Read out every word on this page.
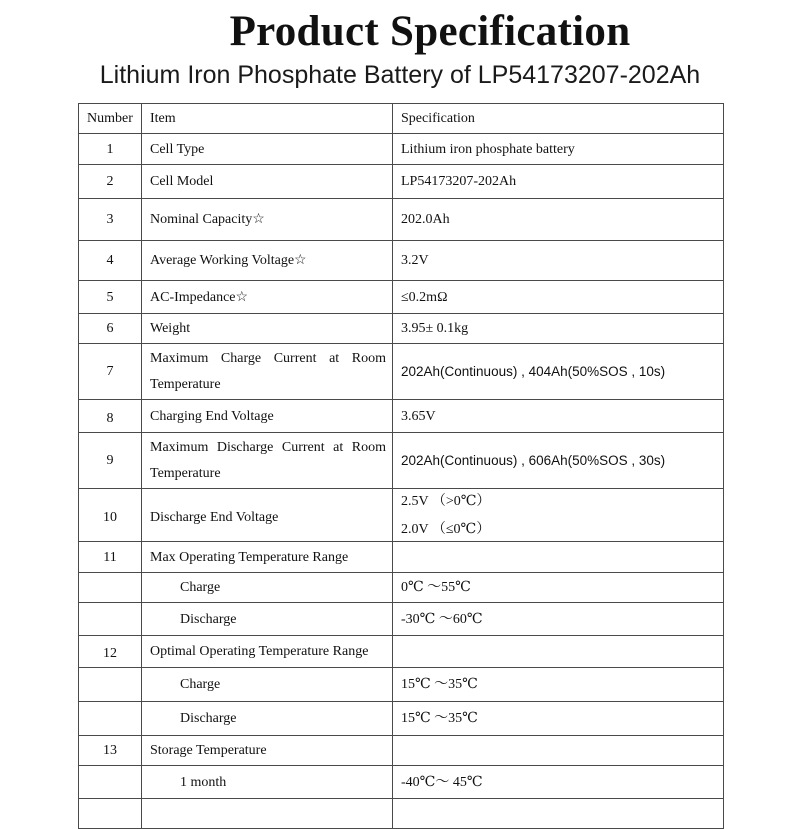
Product Specification
Lithium Iron Phosphate Battery of LP54173207-202Ah
Number	Item	Specification
1	Cell Type	Lithium iron phosphate battery
2	Cell Model	LP54173207-202Ah
3	Nominal Capacity☆	202.0Ah
4	Average Working Voltage☆	3.2V
5	AC-Impedance☆	≤0.2mΩ
6	Weight	3.95± 0.1kg
7	Maximum Charge Current at Room Temperature	202Ah(Continuous) , 404Ah(50%SOS , 10s)
8	Charging End Voltage	3.65V
9	Maximum Discharge Current at Room Temperature	202Ah(Continuous) , 606Ah(50%SOS , 30s)
10	Discharge End Voltage	2.5V （>0℃）
2.0V （≤0℃）

11	Max Operating Temperature Range	
	Charge	0℃ ～55℃
	Discharge	-30℃ ～60℃
12	Optimal Operating Temperature Range	
	Charge	15℃ ～35℃
	Discharge	15℃ ～35℃
13	Storage Temperature	
	1 month	-40℃～ 45℃
